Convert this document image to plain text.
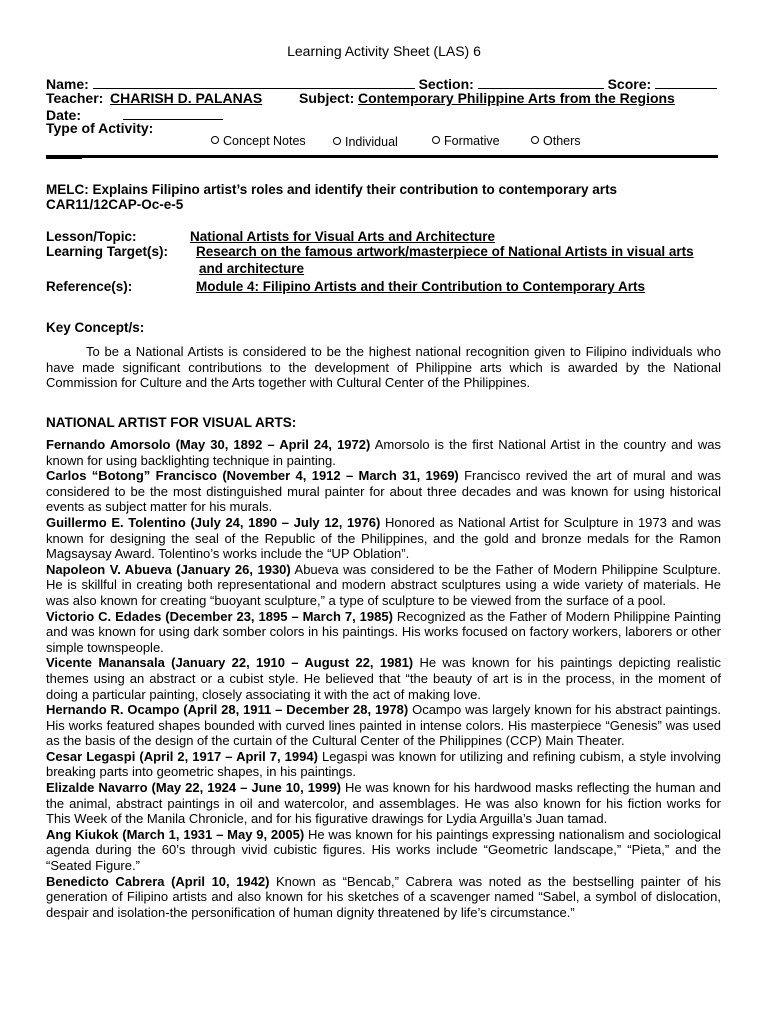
Learning Activity Sheet (LAS) 6
Name:	Section:	Score:
Teacher: CHARISH D. PALANAS	Subject: Contemporary Philippine Arts from the Regions
Date:
Type of Activity:
Concept Notes	Individual	Formative	Others
MELC: Explains Filipino artist’s roles and identify their contribution to contemporary arts
CAR11/12CAP-Oc-e-5
Lesson/Topic:	National Artists for Visual Arts and Architecture
Learning Target(s): Research on the famous artwork/masterpiece of National Artists in visual arts
and architecture
Reference(s):	Module 4: Filipino Artists and their Contribution to Contemporary Arts
Key Concept/s:
To be a National Artists is considered to be the highest national recognition given to Filipino individuals who have made significant contributions to the development of Philippine arts which is awarded by the National Commission for Culture and the Arts together with Cultural Center of the Philippines.
NATIONAL ARTIST FOR VISUAL ARTS:

Fernando Amorsolo (May 30, 1892 – April 24, 1972) Amorsolo is the first National Artist in the country and was known for using backlighting technique in painting.

Carlos “Botong” Francisco (November 4, 1912 – March 31, 1969) Francisco revived the art of mural and was considered to be the most distinguished mural painter for about three decades and was known for using historical events as subject matter for his murals.

Guillermo E. Tolentino (July 24, 1890 – July 12, 1976) Honored as National Artist for Sculpture in 1973 and was known for designing the seal of the Republic of the Philippines, and the gold and bronze medals for the Ramon Magsaysay Award. Tolentino’s works include the “UP Oblation”.

Napoleon V. Abueva (January 26, 1930) Abueva was considered to be the Father of Modern Philippine Sculpture. He is skillful in creating both representational and modern abstract sculptures using a wide variety of materials. He was also known for creating “buoyant sculpture,” a type of sculpture to be viewed from the surface of a pool.

Victorio C. Edades (December 23, 1895 – March 7, 1985) Recognized as the Father of Modern Philippine Painting and was known for using dark somber colors in his paintings. His works focused on factory workers, laborers or other simple townspeople.

Vicente Manansala (January 22, 1910 – August 22, 1981) He was known for his paintings depicting realistic themes using an abstract or a cubist style. He believed that “the beauty of art is in the process, in the moment of doing a particular painting, closely associating it with the act of making love.

Hernando R. Ocampo (April 28, 1911 – December 28, 1978) Ocampo was largely known for his abstract paintings. His works featured shapes bounded with curved lines painted in intense colors. His masterpiece “Genesis” was used as the basis of the design of the curtain of the Cultural Center of the Philippines (CCP) Main Theater.

Cesar Legaspi (April 2, 1917 – April 7, 1994) Legaspi was known for utilizing and refining cubism, a style involving breaking parts into geometric shapes, in his paintings.

Elizalde Navarro (May 22, 1924 – June 10, 1999) He was known for his hardwood masks reflecting the human and the animal, abstract paintings in oil and watercolor, and assemblages. He was also known for his fiction works for This Week of the Manila Chronicle, and for his figurative drawings for Lydia Arguilla’s Juan tamad.

Ang Kiukok (March 1, 1931 – May 9, 2005) He was known for his paintings expressing nationalism and sociological agenda during the 60’s through vivid cubistic figures. His works include “Geometric landscape,” “Pieta,” and the “Seated Figure.”

Benedicto Cabrera (April 10, 1942) Known as “Bencab,” Cabrera was noted as the bestselling painter of his generation of Filipino artists and also known for his sketches of a scavenger named “Sabel, a symbol of dislocation, despair and isolation-the personification of human dignity threatened by life’s circumstance.”
